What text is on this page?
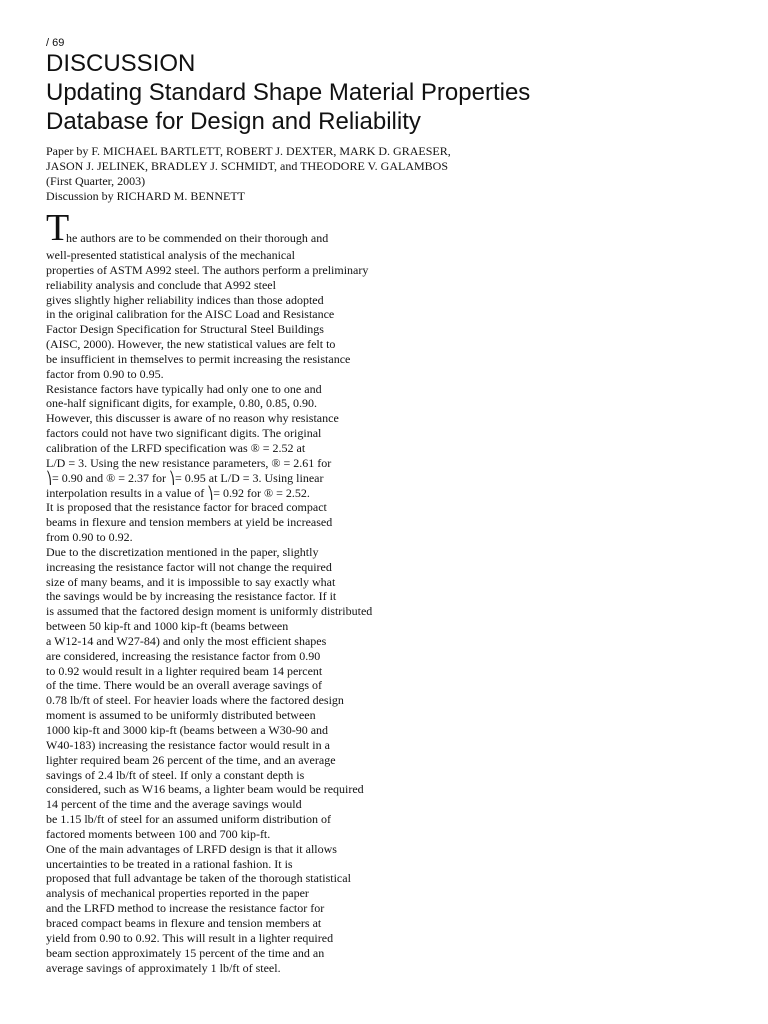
/ 69

DISCUSSION
Updating Standard Shape Material Properties
Database for Design and Reliability
Paper by F. MICHAEL BARTLETT, ROBERT J. DEXTER, MARK D. GRAESER,
JASON J. JELINEK, BRADLEY J. SCHMIDT, and THEODORE V. GALAMBOS
(First Quarter, 2003)
Discussion by RICHARD M. BENNETT
T
he authors are to be commended on their thorough and
well-presented statistical analysis of the mechanical
properties of ASTM A992 steel. The authors perform a preliminary
reliability analysis and conclude that A992 steel
gives slightly higher reliability indices than those adopted
in the original calibration for the AISC Load and Resistance
Factor Design Specification for Structural Steel Buildings
(AISC, 2000). However, the new statistical values are felt to
be insufficient in themselves to permit increasing the resistance
factor from 0.90 to 0.95.
Resistance factors have typically had only one to one and
one-half significant digits, for example, 0.80, 0.85, 0.90.
However, this discusser is aware of no reason why resistance
factors could not have two significant digits. The original
calibration of the LRFD specification was ® = 2.52 at
L/D = 3. Using the new resistance parameters, ® = 2.61 for
⎞= 0.90 and ® = 2.37 for ⎞= 0.95 at L/D = 3. Using linear
interpolation results in a value of ⎞= 0.92 for ® = 2.52.
It is proposed that the resistance factor for braced compact
beams in flexure and tension members at yield be increased
from 0.90 to 0.92.
Due to the discretization mentioned in the paper, slightly
increasing the resistance factor will not change the required
size of many beams, and it is impossible to say exactly what
the savings would be by increasing the resistance factor. If it
is assumed that the factored design moment is uniformly distributed
between 50 kip-ft and 1000 kip-ft (beams between
a W12-14 and W27-84) and only the most efficient shapes
are considered, increasing the resistance factor from 0.90
to 0.92 would result in a lighter required beam 14 percent
of the time. There would be an overall average savings of
0.78 lb/ft of steel. For heavier loads where the factored design
moment is assumed to be uniformly distributed between
1000 kip-ft and 3000 kip-ft (beams between a W30-90 and
W40-183) increasing the resistance factor would result in a
lighter required beam 26 percent of the time, and an average
savings of 2.4 lb/ft of steel. If only a constant depth is
considered, such as W16 beams, a lighter beam would be required
14 percent of the time and the average savings would
be 1.15 lb/ft of steel for an assumed uniform distribution of
factored moments between 100 and 700 kip-ft.
One of the main advantages of LRFD design is that it allows
uncertainties to be treated in a rational fashion. It is
proposed that full advantage be taken of the thorough statistical
analysis of mechanical properties reported in the paper
and the LRFD method to increase the resistance factor for
braced compact beams in flexure and tension members at
yield from 0.90 to 0.92. This will result in a lighter required
beam section approximately 15 percent of the time and an
average savings of approximately 1 lb/ft of steel.
